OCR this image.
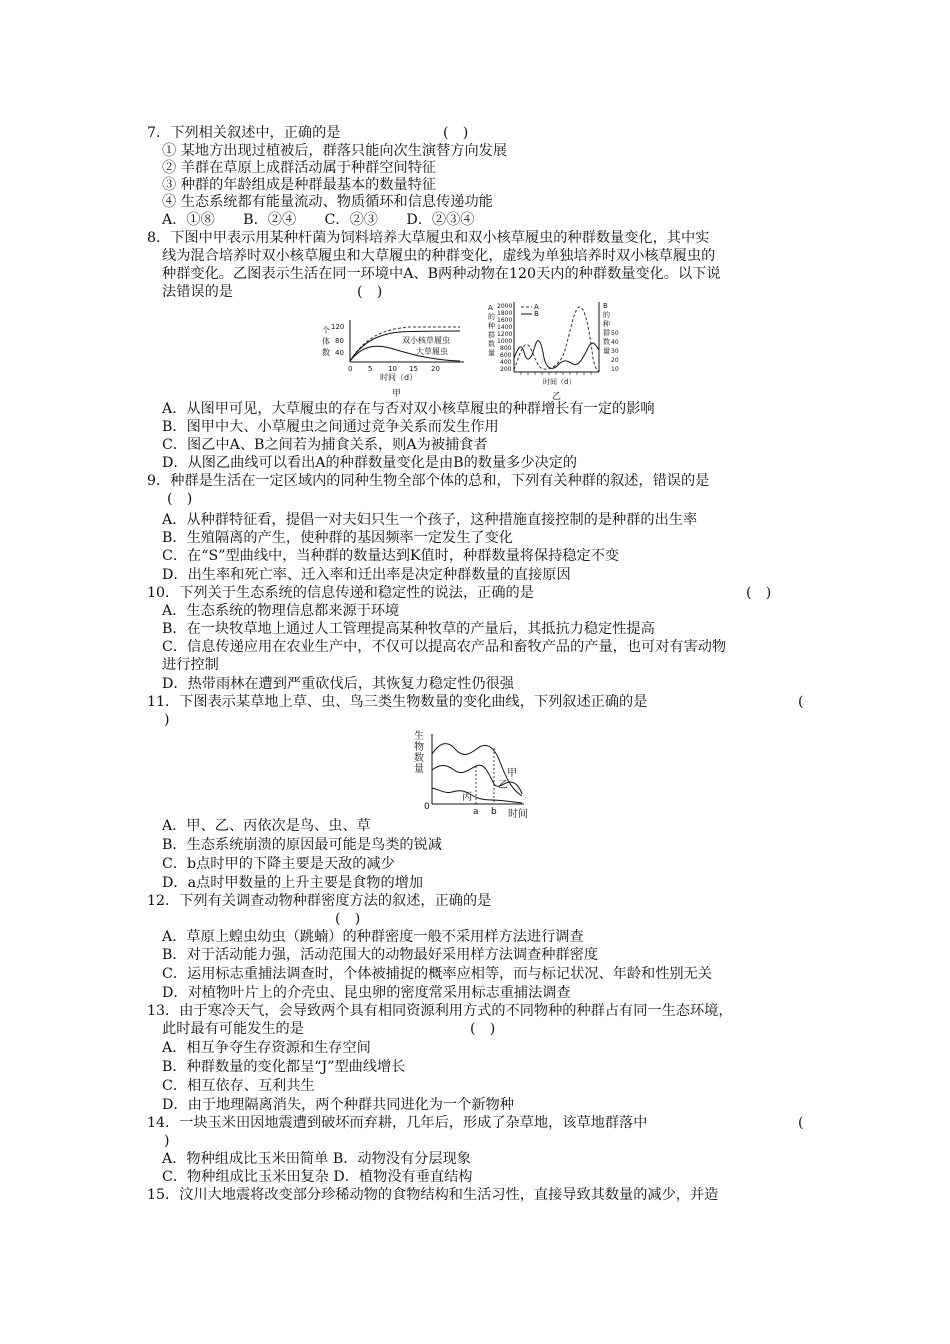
7．下列相关叙述中，正确的是	(　)
① 某地方出现过植被后，群落只能向次生演替方向发展
② 羊群在草原上成群活动属于种群空间特征
③ 种群的年龄组成是种群最基本的数量特征
④ 生态系统都有能量流动、物质循环和信息传递功能
A．①⑧　　B．②④　　C．②③　　D．②③④
8．下图中甲表示用某种杆菌为饲料培养大草履虫和双小核草履虫的种群数量变化，其中实
线为混合培养时双小核草履虫和大草履虫的种群变化，虚线为单独培养时双小核草履虫的
种群变化。乙图表示生活在同一环境中A、B两种动物在120天内的种群数量变化。以下说
法错误的是	(　)
个
体
数
120
80
40
双小核草履虫
大草履虫
0 5 10 15 20
时间（d）
甲
A
的
种
群
数
量
2000
1800
1600
1400
1200
1000
800
600
400
200
A
B
B
的
种
群
数
量
50
40
30
20
10
时间（d）
乙
A．从图甲可见，大草履虫的存在与否对双小核草履虫的种群增长有一定的影响
B．图甲中大、小草履虫之间通过竞争关系而发生作用
C．图乙中A、B之间若为捕食关系，则A为被捕食者
D．从图乙曲线可以看出A的种群数量变化是由B的数量多少决定的
9．种群是生活在一定区域内的同种生物全部个体的总和，下列有关种群的叙述，错误的是
(　)
A．从种群特征看，提倡一对夫妇只生一个孩子，这种措施直接控制的是种群的出生率
B．生殖隔离的产生，使种群的基因频率一定发生了变化
C．在“S”型曲线中，当种群的数量达到K值时，种群数量将保持稳定不变
D．出生率和死亡率、迁入率和迁出率是决定种群数量的直接原因
10．下列关于生态系统的信息传递和稳定性的说法，正确的是	(　)
A．生态系统的物理信息都来源于环境
B．在一块牧草地上通过人工管理提高某种牧草的产量后，其抵抗力稳定性提高
C．信息传递应用在农业生产中，不仅可以提高农产品和畜牧产品的产量，也可对有害动物
进行控制
D．热带雨林在遭到严重砍伐后，其恢复力稳定性仍很强
11．下图表示某草地上草、虫、鸟三类生物数量的变化曲线，下列叙述正确的是	(
)
生
物
数
量
0
甲
乙
丙
a b 时间
A．甲、乙、丙依次是鸟、虫、草
B．生态系统崩溃的原因最可能是鸟类的锐减
C．b点时甲的下降主要是天敌的减少
D．a点时甲数量的上升主要是食物的增加
12．下列有关调查动物种群密度方法的叙述，正确的是
(　)
A．草原上蝗虫幼虫（跳蝻）的种群密度一般不采用样方法进行调查
B．对于活动能力强，活动范围大的动物最好采用样方法调查种群密度
C．运用标志重捕法调查时，个体被捕捉的概率应相等，而与标记状况、年龄和性别无关
D．对植物叶片上的介壳虫、昆虫卵的密度常采用标志重捕法调查
13．由于寒冷天气，会导致两个具有相同资源利用方式的不同物种的种群占有同一生态环境，
此时最有可能发生的是	(　)
A．相互争夺生存资源和生存空间
B．种群数量的变化都呈“J”型曲线增长
C．相互依存、互利共生
D．由于地理隔离消失，两个种群共同进化为一个新物种
14．一块玉米田因地震遭到破坏而弃耕，几年后，形成了杂草地，该草地群落中	(
)
A．物种组成比玉米田简单 B．动物没有分层现象
C．物种组成比玉米田复杂 D．植物没有垂直结构
15．汶川大地震将改变部分珍稀动物的食物结构和生活习性，直接导致其数量的减少，并造
